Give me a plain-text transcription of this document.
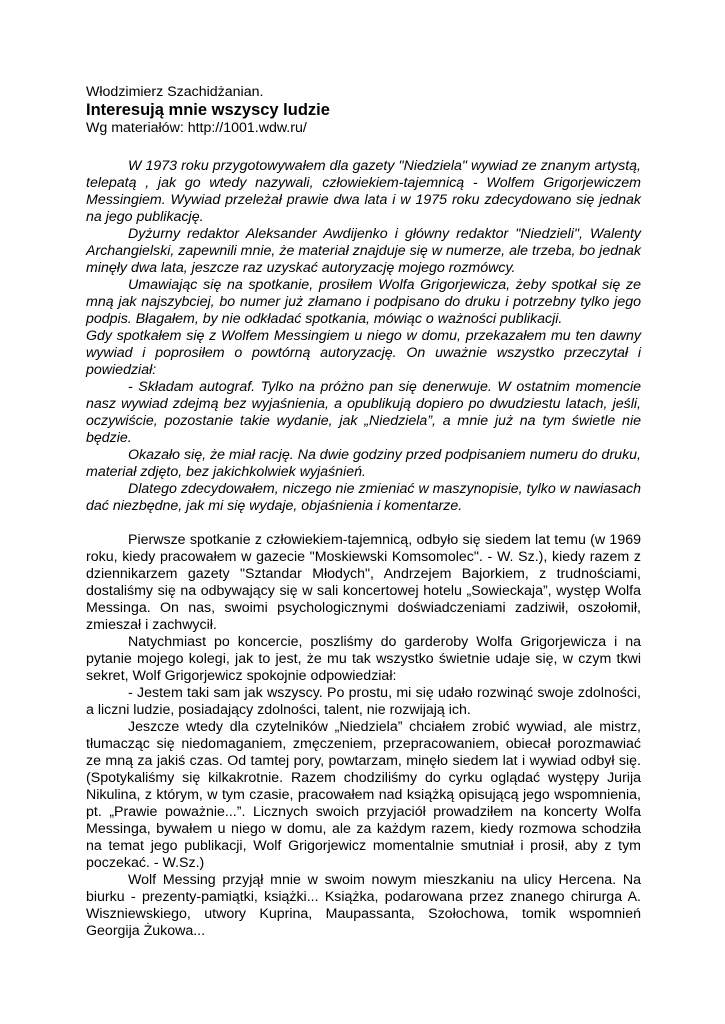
Włodzimierz Szachidżanian.

Interesują mnie wszyscy ludzie

Wg materiałów: http://1001.wdw.ru/

W 1973 roku przygotowywałem dla gazety "Niedziela" wywiad ze znanym artystą, telepatą , jak go wtedy nazywali, człowiekiem-tajemnicą - Wolfem Grigorjewiczem Messingiem. Wywiad przeleżał prawie dwa lata i w 1975 roku zdecydowano się jednak na jego publikację.

Dyżurny redaktor Aleksander Awdijenko i główny redaktor "Niedzieli", Walenty Archangielski, zapewnili mnie, że materiał znajduje się w numerze, ale trzeba, bo jednak minęły dwa lata, jeszcze raz uzyskać autoryzację mojego rozmówcy.

Umawiając się na spotkanie, prosiłem Wolfa Grigorjewicza, żeby spotkał się ze mną jak najszybciej, bo numer już złamano i podpisano do druku i potrzebny tylko jego podpis. Błagałem, by nie odkładać spotkania, mówiąc o ważności publikacji.

Gdy spotkałem się z Wolfem Messingiem u niego w domu, przekazałem mu ten dawny wywiad i poprosiłem o powtórną autoryzację. On uważnie wszystko przeczytał i powiedział:

- Składam autograf. Tylko na próżno pan się denerwuje. W ostatnim momencie nasz wywiad zdejmą bez wyjaśnienia, a opublikują dopiero po dwudziestu latach, jeśli, oczywiście, pozostanie takie wydanie, jak „Niedziela”, a mnie już na tym świetle nie będzie.

Okazało się, że miał rację. Na dwie godziny przed podpisaniem numeru do druku, materiał zdjęto, bez jakichkolwiek wyjaśnień.

Dlatego zdecydowałem, niczego nie zmieniać w maszynopisie, tylko w nawiasach dać niezbędne, jak mi się wydaje, objaśnienia i komentarze.

Pierwsze spotkanie z człowiekiem-tajemnicą, odbyło się siedem lat temu (w 1969 roku, kiedy pracowałem w gazecie "Moskiewski Komsomolec". - W. Sz.), kiedy razem z dziennikarzem gazety "Sztandar Młodych", Andrzejem Bajorkiem, z trudnościami, dostaliśmy się na odbywający się w sali koncertowej hotelu „Sowieckaja”, występ Wolfa Messinga. On nas, swoimi psychologicznymi doświadczeniami zadziwił, oszołomił, zmieszał i zachwycił.

Natychmiast po koncercie, poszliśmy do garderoby Wolfa Grigorjewicza i na pytanie mojego kolegi, jak to jest, że mu tak wszystko świetnie udaje się, w czym tkwi sekret, Wolf Grigorjewicz spokojnie odpowiedział:

- Jestem taki sam jak wszyscy. Po prostu, mi się udało rozwinąć swoje zdolności, a liczni ludzie, posiadający zdolności, talent, nie rozwijają ich.

Jeszcze wtedy dla czytelników „Niedziela” chciałem zrobić wywiad, ale mistrz, tłumacząc się niedomaganiem, zmęczeniem, przepracowaniem, obiecał porozmawiać ze mną za jakiś czas. Od tamtej pory, powtarzam, minęło siedem lat i wywiad odbył się. (Spotykaliśmy się kilkakrotnie. Razem chodziliśmy do cyrku oglądać występy Jurija Nikulina, z którym, w tym czasie, pracowałem nad książką opisującą jego wspomnienia, pt. „Prawie poważnie...”. Licznych swoich przyjaciół prowadziłem na koncerty Wolfa Messinga, bywałem u niego w domu, ale za każdym razem, kiedy rozmowa schodziła na temat jego publikacji, Wolf Grigorjewicz momentalnie smutniał i prosił, aby z tym poczekać. - W.Sz.)

Wolf Messing przyjął mnie w swoim nowym mieszkaniu na ulicy Hercena. Na biurku - prezenty-pamiątki, książki... Książka, podarowana przez znanego chirurga A. Wiszniewskiego, utwory Kuprina, Maupassanta, Szołochowa, tomik wspomnień Georgija Żukowa...
